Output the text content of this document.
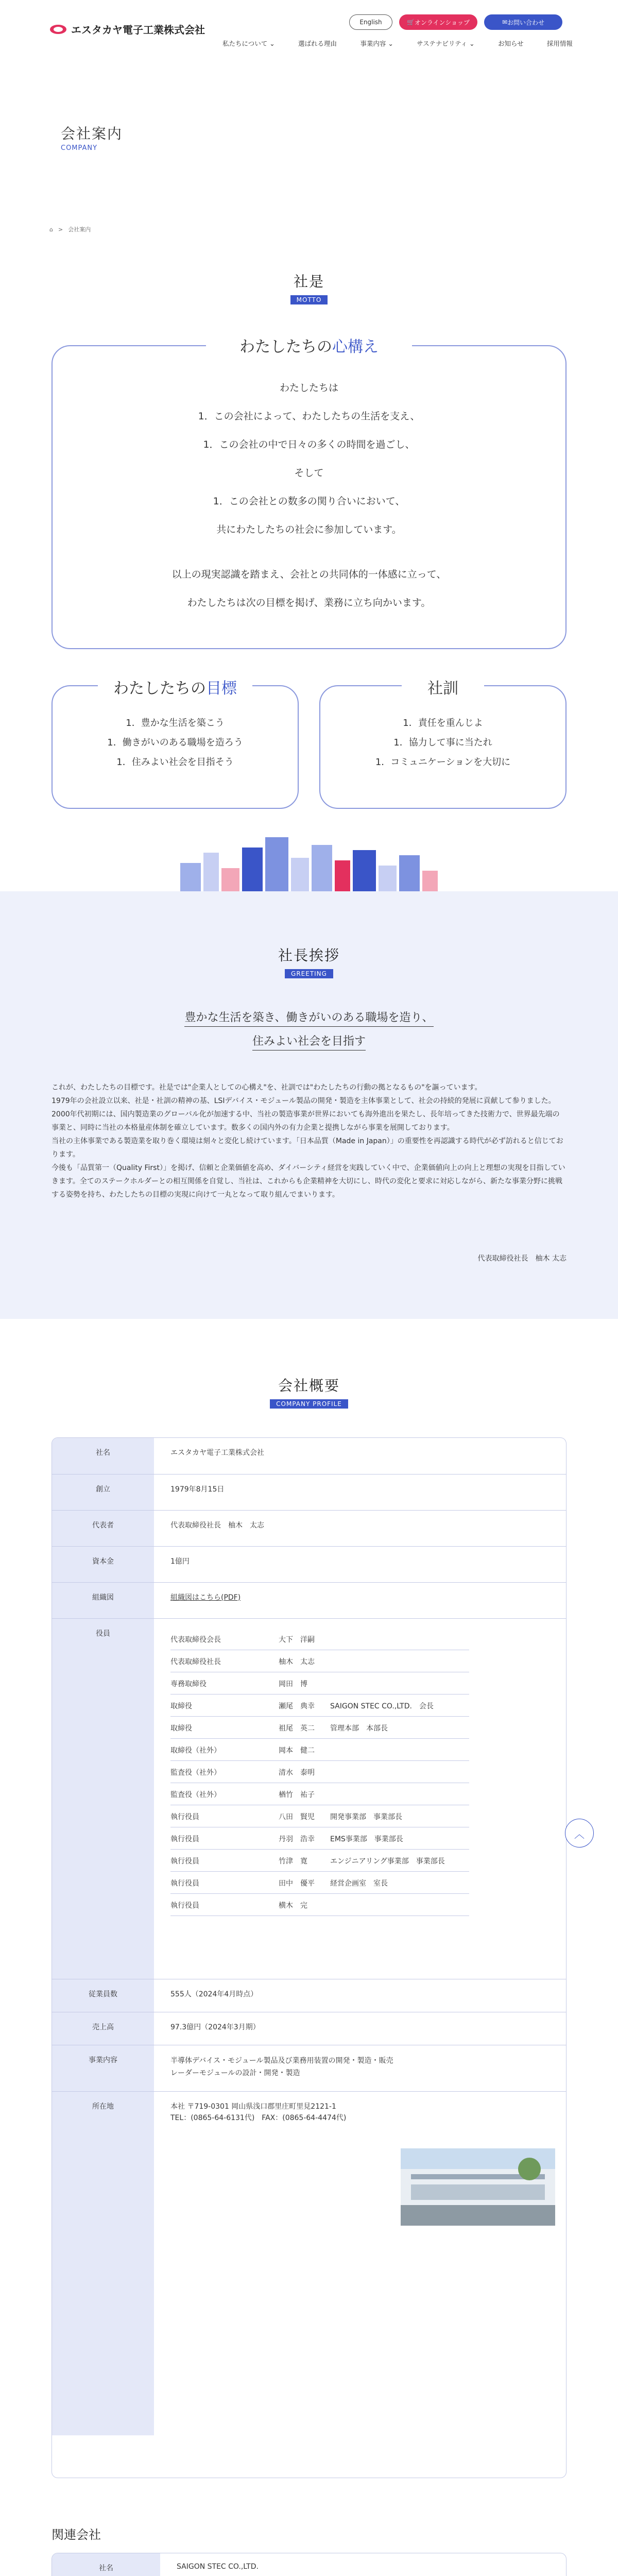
エスタカヤ電子工業株式会社
English	🛒 オンラインショップ	✉ お問い合わせ
私たちについて ⌄	選ばれる理由	事業内容 ⌄	サステナビリティ ⌄	お知らせ	採用情報
会社案内
COMPANY
⌂ > 会社案内
社是
MOTTO
わたしたちの心構え
わたしたちは
1．この会社によって、わたしたちの生活を支え、
1．この会社の中で日々の多くの時間を過ごし、
そして
1．この会社との数多の関り合いにおいて、
共にわたしたちの社会に参加しています。
以上の現実認識を踏まえ、会社との共同体的一体感に立って、
わたしたちは次の目標を掲げ、業務に立ち向かいます。
わたしたちの目標
1．豊かな生活を築こう
1．働きがいのある職場を造ろう
1．住みよい社会を目指そう
社訓
1．責任を重んじよ
1．協力して事に当たれ
1．コミュニケーションを大切に
社長挨拶
GREETING
豊かな生活を築き、働きがいのある職場を造り、
住みよい社会を目指す

これが、わたしたちの目標です。社是では"企業人としての心構え"を、社訓では"わたしたちの行動の拠となるもの"を謳っています。

1979年の会社設立以来、社是・社訓の精神の基、LSIデバイス・モジュール製品の開発・製造を主体事業として、社会の持続的発展に貢献して参りました。2000年代初期には、国内製造業のグローバル化が加速する中、当社の製造事業が世界においても海外進出を果たし、長年培ってきた技術力で、世界最先端の事業と、同時に当社の本格量産体制を確立しています。数多くの国内外の有力企業と提携しながら事業を展開しております。

当社の主体事業である製造業を取り巻く環境は刻々と変化し続けています。「日本品質（Made in Japan）」の重要性を再認識する時代が必ず訪れると信じております。

今後も「品質第一（Quality First）」を掲げ、信頼と企業価値を高め、ダイバーシティ経営を実践していく中で、企業価値向上の向上と理想の実現を目指していきます。全てのステークホルダーとの相互関係を自覚し、当社は、これからも企業精神を大切にし、時代の変化と要求に対応しながら、新たな事業分野に挑戦する姿勢を持ち、わたしたちの目標の実現に向けて一丸となって取り組んでまいります。

代表取締役社長　柚木 太志
会社概要
COMPANY PROFILE
社名	エスタカヤ電子工業株式会社
創立	1979年8月15日
代表者	代表取締役社長　柚木　太志
資本金	1億円
組織図	組織図はこちら(PDF)
役員	
代表取締役会長	大下　洋嗣	
代表取締役社長	柚木　太志	
専務取締役	岡田　博	
取締役	瀬尾　典幸	SAIGON STEC CO.,LTD.　会長
取締役	祖尾　英二	管理本部　本部長
取締役（社外）	岡本　健二	
監査役（社外）	清水　泰明	
監査役（社外）	楢竹　祐子	
執行役員	八田　賢児	開発事業部　事業部長
執行役員	丹羽　浩幸	EMS事業部　事業部長
執行役員	竹津　寛	エンジニアリング事業部　事業部長
執行役員	田中　優平	経営企画室　室長
執行役員	横木　完	

従業員数	555人（2024年4月時点）
売上高	97.3億円（2024年3月期）
事業内容	半導体デバイス・モジュール製品及び業務用装置の開発・製造・販売
レーダーモジュールの設計・開発・製造
所在地	本社 〒719-0301 岡山県浅口郡里庄町里見2121-1
TEL：(0865-64-6131代)　FAX：(0865-64-4474代)
︿
関連会社
社名	SAIGON STEC CO.,LTD.
